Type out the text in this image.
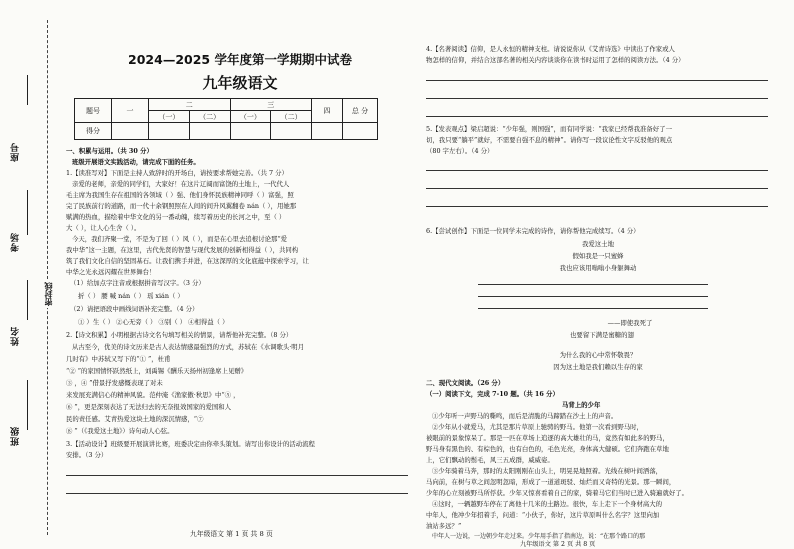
座号
考场
姓名
班级
密封线
2024—2025 学年度第一学期期中试卷
九年级语文
题号	一	二		三		四	总 分
		（一）	（二）	（一）	（二）		
得分							
一、积累与运用。（共 30 分）
班级开展语文实践活动，请完成下面的任务。
1.【读准写对】下面是主持人致辞时的开场白，请按要求帮她完善。（共 7 分）
亲爱的老师，亲爱的同学们，大家好！在这片辽阔而富饶的土地上，一代代人
毛主席为我国生存在祖国的各领域（ ）强、他们身怀民族精神同呼（ ）富强，照
完了民族前行的道路，而一代十余钢照照在人间的间升风翼翻卷 nán（ ），用她那
赋满的热血，描绘着中华文化的另一番动魄，续写着历史的长河之中，至（ ）
大（ ），让人心生舍（ ）。
今天，我们齐聚一堂，不是为了回（ ）风（ ），而是在心里去追根讨论那“爱
我中华”这一主题，在这里，古代先贤的智慧与现代发展的创新相得益（ ），共同构
筑了我们文化自信的坚固基石。让我们携手并进，在这深厚的文化底蕴中探索学习，让
中华之光永远闪耀在世界舞台！
（1）给加点字注音或根据拼音写汉字。（3 分）
折（ ） 腰 喊 nán（ ） 瑶 xián（ ）
（2）请把语段中画线词语补充完整。（4 分）
① ）生（ ） ②心无旁（ ） ③别（ ） ④相得益（ ）
2.【诗文积累】小明根据古诗文名句填写相关的情景，请帮他补充完整。（8 分）
从古至今，优美的诗文历来是古人表达情感最强烈的方式，苏轼在《水调歌头·明月
几时有》中苏轼又写下的“① ”，杜甫
“② ”的家国情怀跃然纸上，刘禹锡《酬乐天扬州初逢席上见赠》
③ ，④ ”借景抒发感慨表现了对未
来发展充满信心的精神风貌。范仲淹《渔家傲·秋思》中“⑤ ，
⑥ ”，更是深刻表达了无法归去的无奈报效国家的爱国和人
民的责任感。艾青热爱这块土地的深沉情感，“⑦
⑧ ”（《我爱这土地》）诗句动人心弦。
3.【活动设计】班级要开展演讲比赛，班委决定由你牵头策划。请写出你设计的活动流程
安排。（3 分）
九年级语文 第 1 页 共 8 页
4.【名著阅读】信仰，是人永恒的精神支柱。请说说你从《艾青诗选》中读出了作家或人
物怎样的信仰，并结合这部名著的相关内容谈谈你在读书时运用了怎样的阅读方法。（4 分）
5.【发表观点】梁启超说：“少年强，则国强”，而有同学说：“我家已经帮我准备好了一
切，我只要“躺平”就好，不需要自强不息的精神”。请你写一段议论性文字反驳他的观点
（80 字左右）。（4 分）
6.【尝试创作】下面是一位同学未完成的诗作，请你帮他完成续写。（4 分）
我爱这土地
假如我是一只蜜蜂
我也应该用嗡嗡小身躯舞动
——即使我死了
也要留下满是蜜糖的翅
为什么我的心中常怀敬畏？
因为这土地是我们赖以生存的家
二、现代文阅读。（26 分）
（一）阅读下文，完成 7-10 题。（共 16 分）
马背上的少年
①少年听一声野马的嘶鸣，而后是清脆的马蹄踏在沙土上的声音。
②少年从小就爱马，尤其是那片草原上驰骋的野马。他第一次看到野马时，
被眼前的景象惊呆了。那是一匹在草场上追逐的高大雄壮的马，竟然有如此多的野马，
野马身有黑色的、有棕色的，也有白色的，毛色光亮，身体高大健硕。它们奔跑在草地
上，它们飘动的鬃毛，风三五成群，威威姿。
③少年骑着马奔，那时的太阳刚刚在山头上，明晃晃地照着。光线在树叶间洒落，
马向前，在树与草之间忽明忽暗，形成了一道道斑驳、灿烂而又奇特的光景。那一瞬间，
少年的心立刻被野马所俘获。少年又惊喜看着自己的家，骑着马它们当时已进入骑遍就好了。
④这时，一辆越野车停在了离他十几米的土路边。很快，车上走下一个身材高大的
中年人，他冲少年招着手，问道：“小伙子，你好，这片草原叫什么名字？这里向加
油站多远？”
中年人一边说，一边朝少年走过来。少年用手指了指南边，说：“在那个路口的那
九年级语文 第 2 页 共 8 页
